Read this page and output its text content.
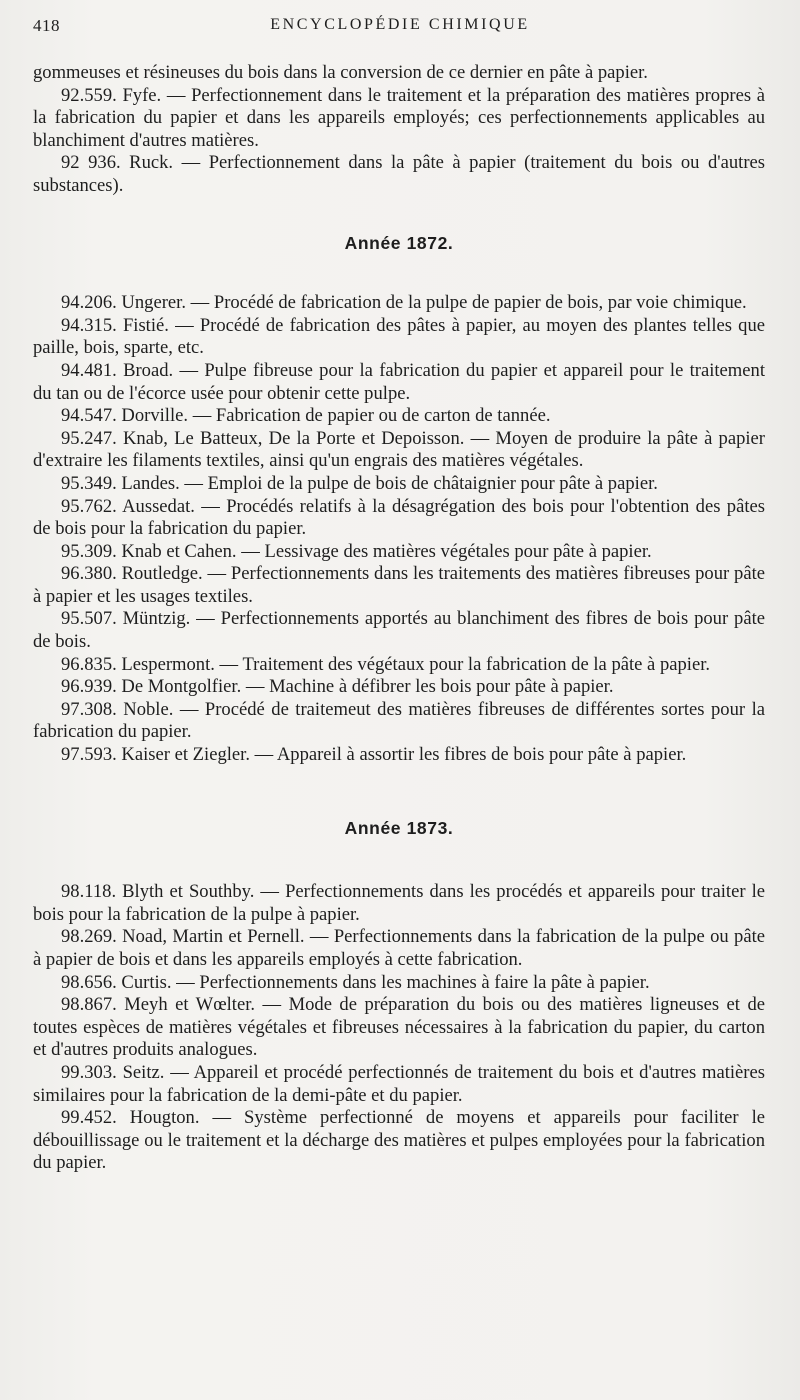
418	ENCYCLOPÉDIE CHIMIQUE

gommeuses et résineuses du bois dans la conversion de ce dernier en pâte à papier.

92.559. Fyfe. — Perfectionnement dans le traitement et la préparation des matières propres à la fabrication du papier et dans les appareils employés; ces perfectionnements applicables au blanchiment d'autres matières.

92 936. Ruck. — Perfectionnement dans la pâte à papier (traitement du bois ou d'autres substances).

Année 1872.

94.206. Ungerer. — Procédé de fabrication de la pulpe de papier de bois, par voie chimique.

94.315. Fistié. — Procédé de fabrication des pâtes à papier, au moyen des plantes telles que paille, bois, sparte, etc.

94.481. Broad. — Pulpe fibreuse pour la fabrication du papier et appareil pour le traitement du tan ou de l'écorce usée pour obtenir cette pulpe.

94.547. Dorville. — Fabrication de papier ou de carton de tannée.

95.247. Knab, Le Batteux, De la Porte et Depoisson. — Moyen de produire la pâte à papier d'extraire les filaments textiles, ainsi qu'un engrais des matières végétales.

95.349. Landes. — Emploi de la pulpe de bois de châtaignier pour pâte à papier.

95.762. Aussedat. — Procédés relatifs à la désagrégation des bois pour l'obtention des pâtes de bois pour la fabrication du papier.

95.309. Knab et Cahen. — Lessivage des matières végétales pour pâte à papier.

96.380. Routledge. — Perfectionnements dans les traitements des matières fibreuses pour pâte à papier et les usages textiles.

95.507. Müntzig. — Perfectionnements apportés au blanchiment des fibres de bois pour pâte de bois.

96.835. Lespermont. — Traitement des végétaux pour la fabrication de la pâte à papier.

96.939. De Montgolfier. — Machine à défibrer les bois pour pâte à papier.

97.308. Noble. — Procédé de traitemeut des matières fibreuses de différentes sortes pour la fabrication du papier.

97.593. Kaiser et Ziegler. — Appareil à assortir les fibres de bois pour pâte à papier.

Année 1873.

98.118. Blyth et Southby. — Perfectionnements dans les procédés et appareils pour traiter le bois pour la fabrication de la pulpe à papier.

98.269. Noad, Martin et Pernell. — Perfectionnements dans la fabrication de la pulpe ou pâte à papier de bois et dans les appareils employés à cette fabrication.

98.656. Curtis. — Perfectionnements dans les machines à faire la pâte à papier.

98.867. Meyh et Wœlter. — Mode de préparation du bois ou des matières ligneuses et de toutes espèces de matières végétales et fibreuses nécessaires à la fabrication du papier, du carton et d'autres produits analogues.

99.303. Seitz. — Appareil et procédé perfectionnés de traitement du bois et d'autres matières similaires pour la fabrication de la demi-pâte et du papier.

99.452. Hougton. — Système perfectionné de moyens et appareils pour faciliter le débouillissage ou le traitement et la décharge des matières et pulpes employées pour la fabrication du papier.
